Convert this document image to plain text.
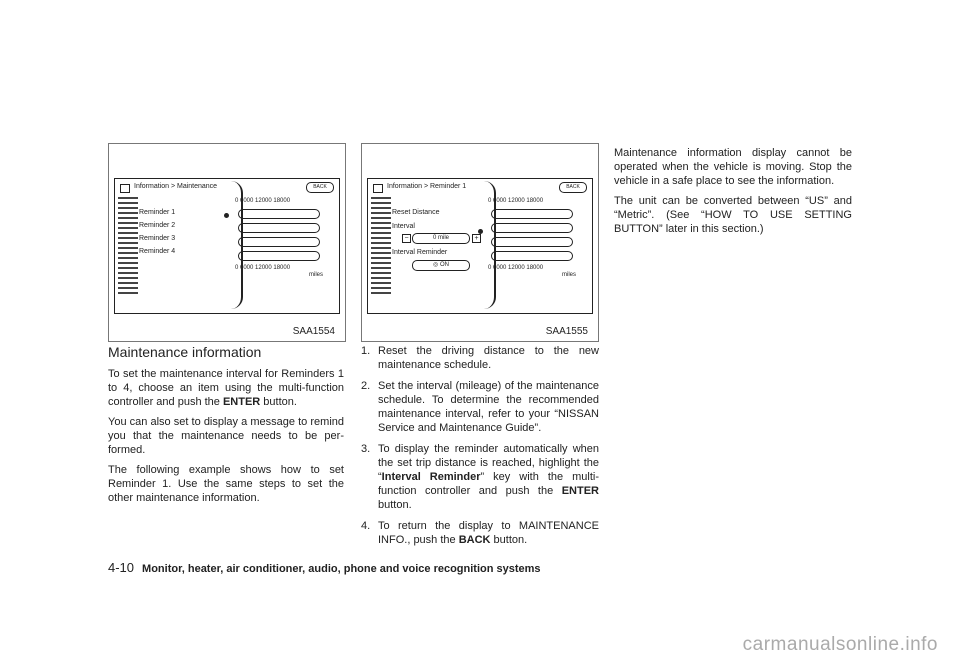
Information > Maintenance	BACK
Reminder 1
Reminder 2
Reminder 3
Reminder 4
0 6000 12000 18000
0 6000 12000 18000
miles
SAA1554
Information > Reminder 1	BACK
Reset Distance
Interval
−	0 mile	+
Interval Reminder
◎ ON
0 6000 12000 18000
0 6000 12000 18000
miles
SAA1555
Maintenance information

To set the maintenance interval for Reminders 1 to 4, choose an item using the multi-function controller and push the ENTER button.

You can also set to display a message to remind you that the maintenance needs to be per-formed.

The following example shows how to set Reminder 1. Use the same steps to set the other maintenance information.

1. Reset the driving distance to the new maintenance schedule.
2. Set the interval (mileage) of the maintenance schedule. To determine the recommended maintenance interval, refer to your “NISSAN Service and Maintenance Guide”.
3. To display the reminder automatically when the set trip distance is reached, highlight the “Interval Reminder” key with the multi-function controller and push the ENTER button.
4. To return the display to MAINTENANCE INFO., push the BACK button.

Maintenance information display cannot be operated when the vehicle is moving. Stop the vehicle in a safe place to see the information.

The unit can be converted between “US” and “Metric”. (See “HOW TO USE SETTING BUTTON” later in this section.)

4-10 Monitor, heater, air conditioner, audio, phone and voice recognition systems
carmanualsonline.info
